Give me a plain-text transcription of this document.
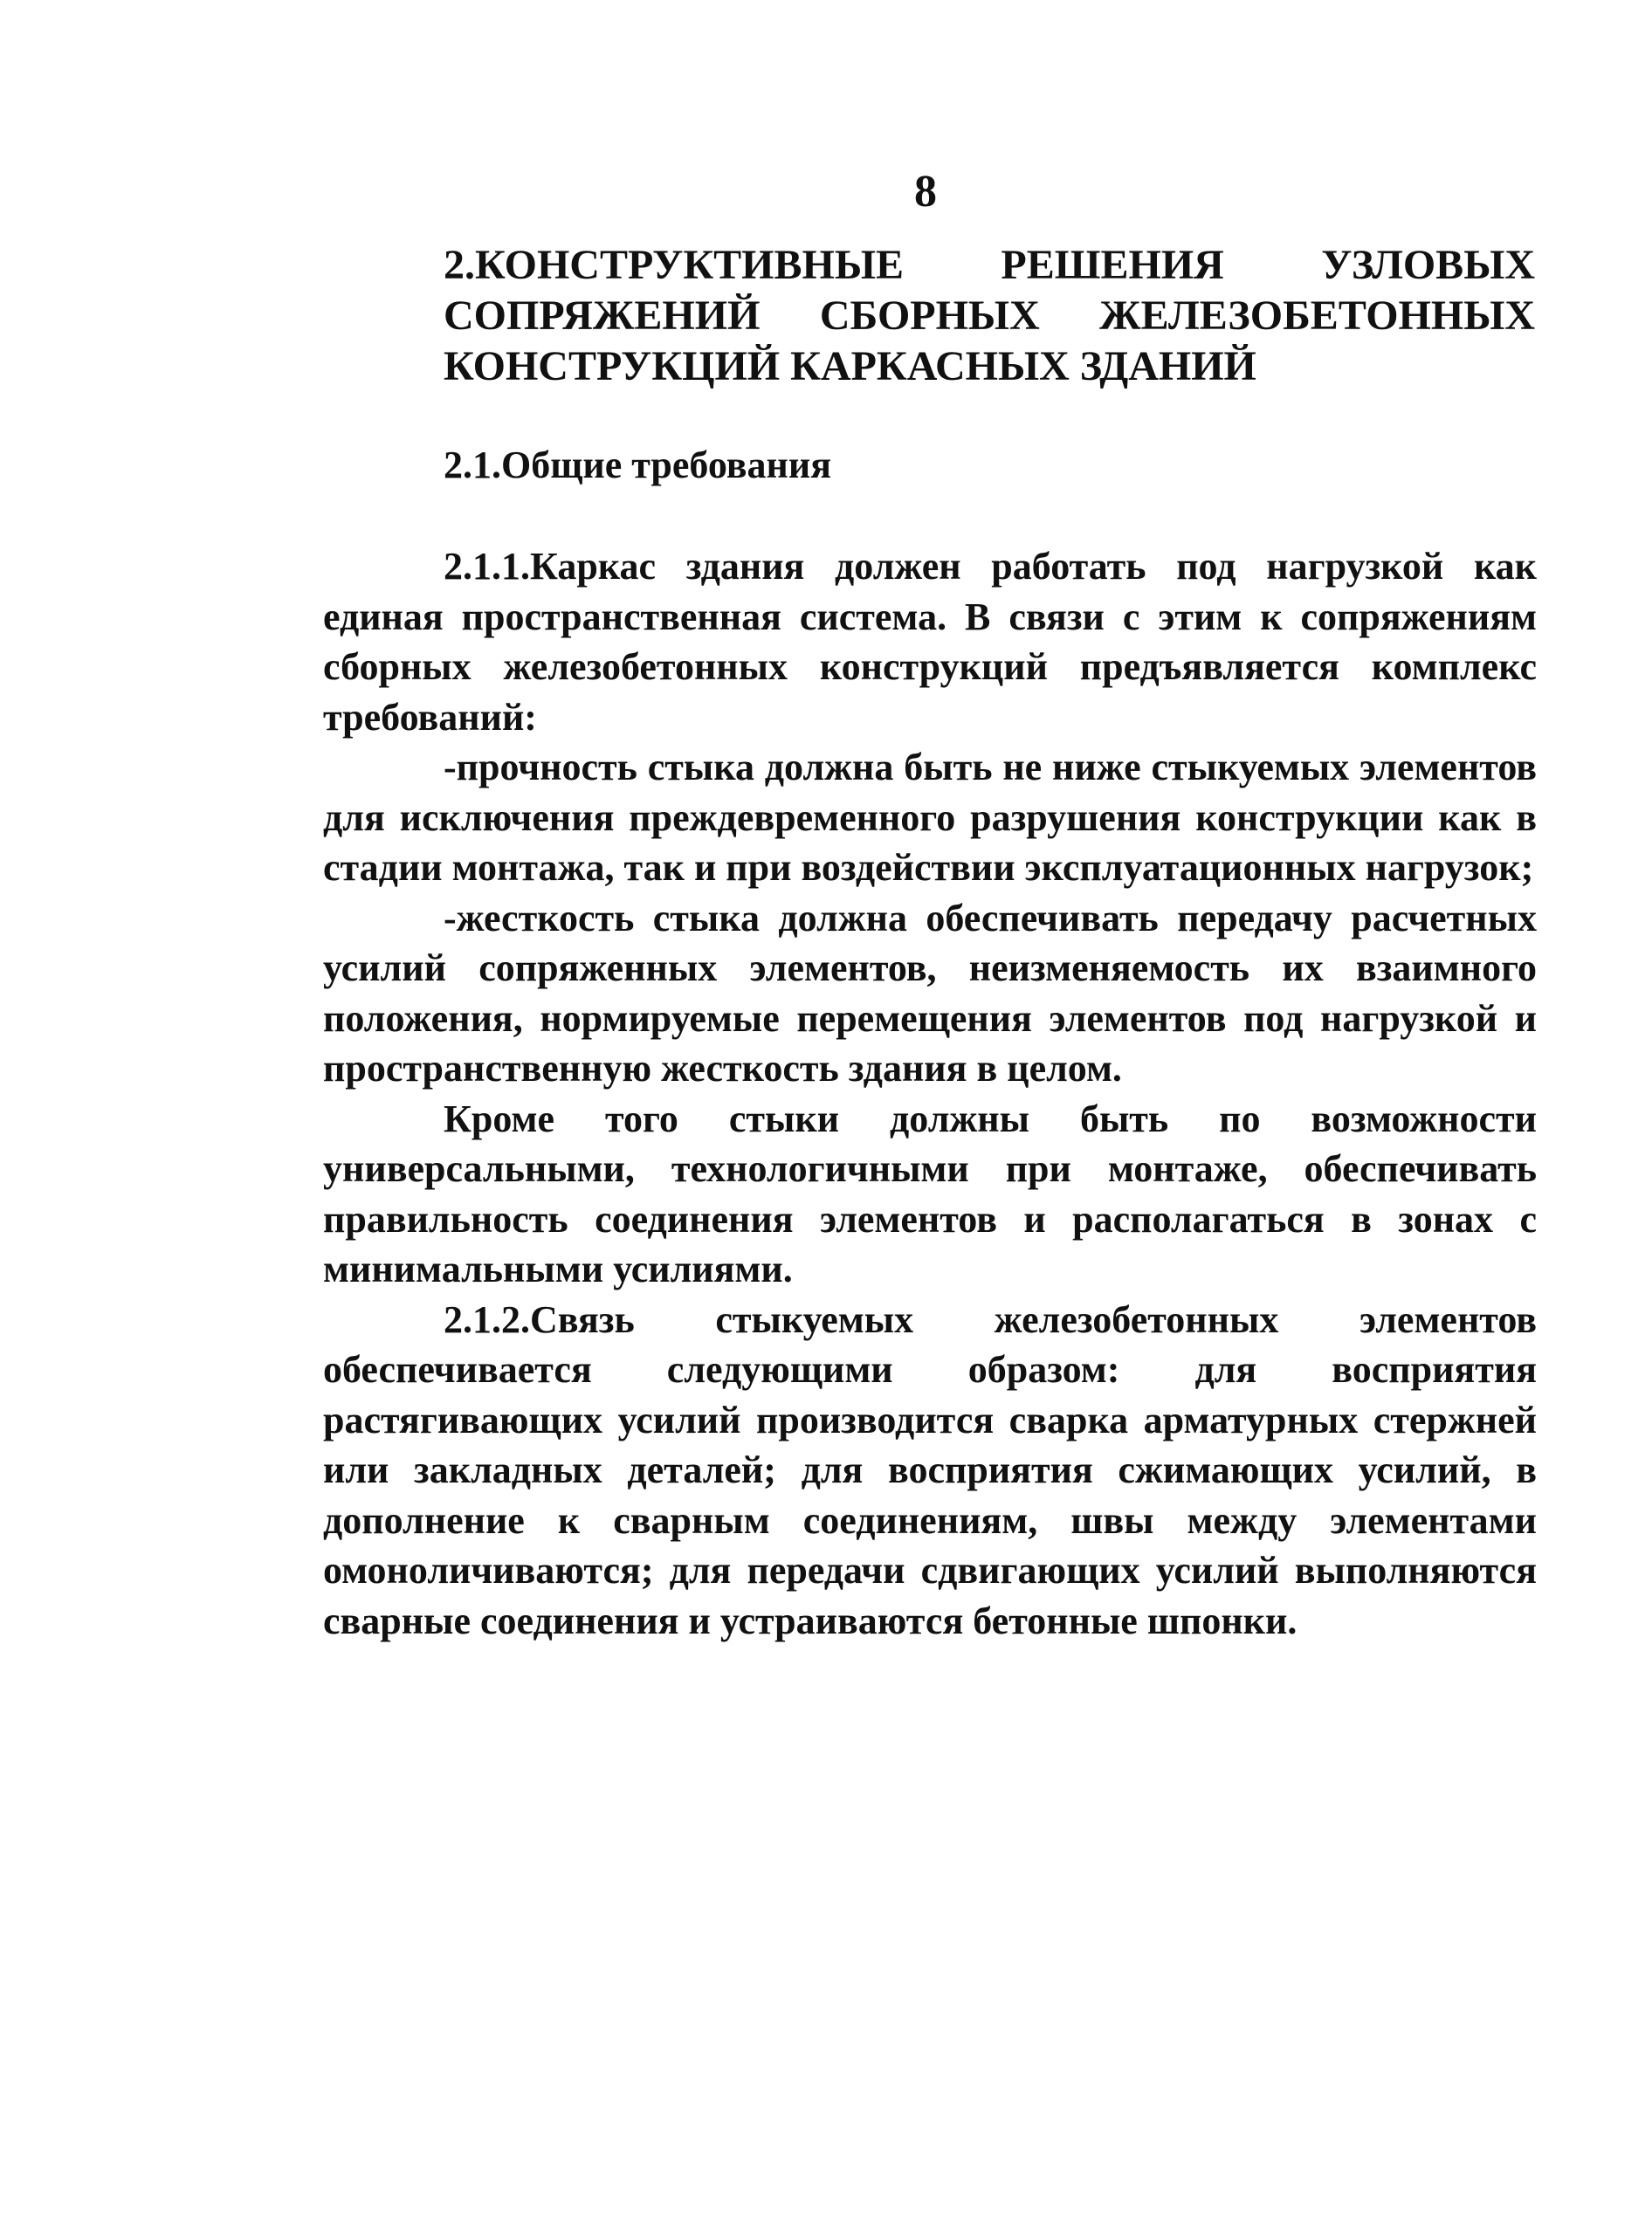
8
2.КОНСТРУКТИВНЫЕ РЕШЕНИЯ УЗЛОВЫХ СОПРЯЖЕНИЙ СБОРНЫХ ЖЕЛЕЗОБЕТОННЫХ КОНСТРУКЦИЙ КАРКАСНЫХ ЗДАНИЙ
2.1.Общие требования

2.1.1.Каркас здания должен работать под нагрузкой как единая пространственная система. В связи с этим к сопряжениям сборных железобетонных конструкций предъявляется комплекс требований:

-прочность стыка должна быть не ниже стыкуемых элементов для исключения преждевременного разрушения конструкции как в стадии монтажа, так и при воздействии эксплуатационных нагрузок;

-жесткость стыка должна обеспечивать передачу расчетных усилий сопряженных элементов, неизменяемость их взаимного положения, нормируемые перемещения элементов под нагрузкой и пространственную жесткость здания в целом.

Кроме того стыки должны быть по возможности универсальными, технологичными при монтаже, обеспечивать правильность соединения элементов и располагаться в зонах с минимальными усилиями.

2.1.2.Связь стыкуемых железобетонных элементов обеспечивается следующими образом: для восприятия растягивающих усилий производится сварка арматурных стержней или закладных деталей; для восприятия сжимающих усилий, в дополнение к сварным соединениям, швы между элементами омоноличиваются; для передачи сдвигающих усилий выполняются сварные соединения и устраиваются бетонные шпонки.
